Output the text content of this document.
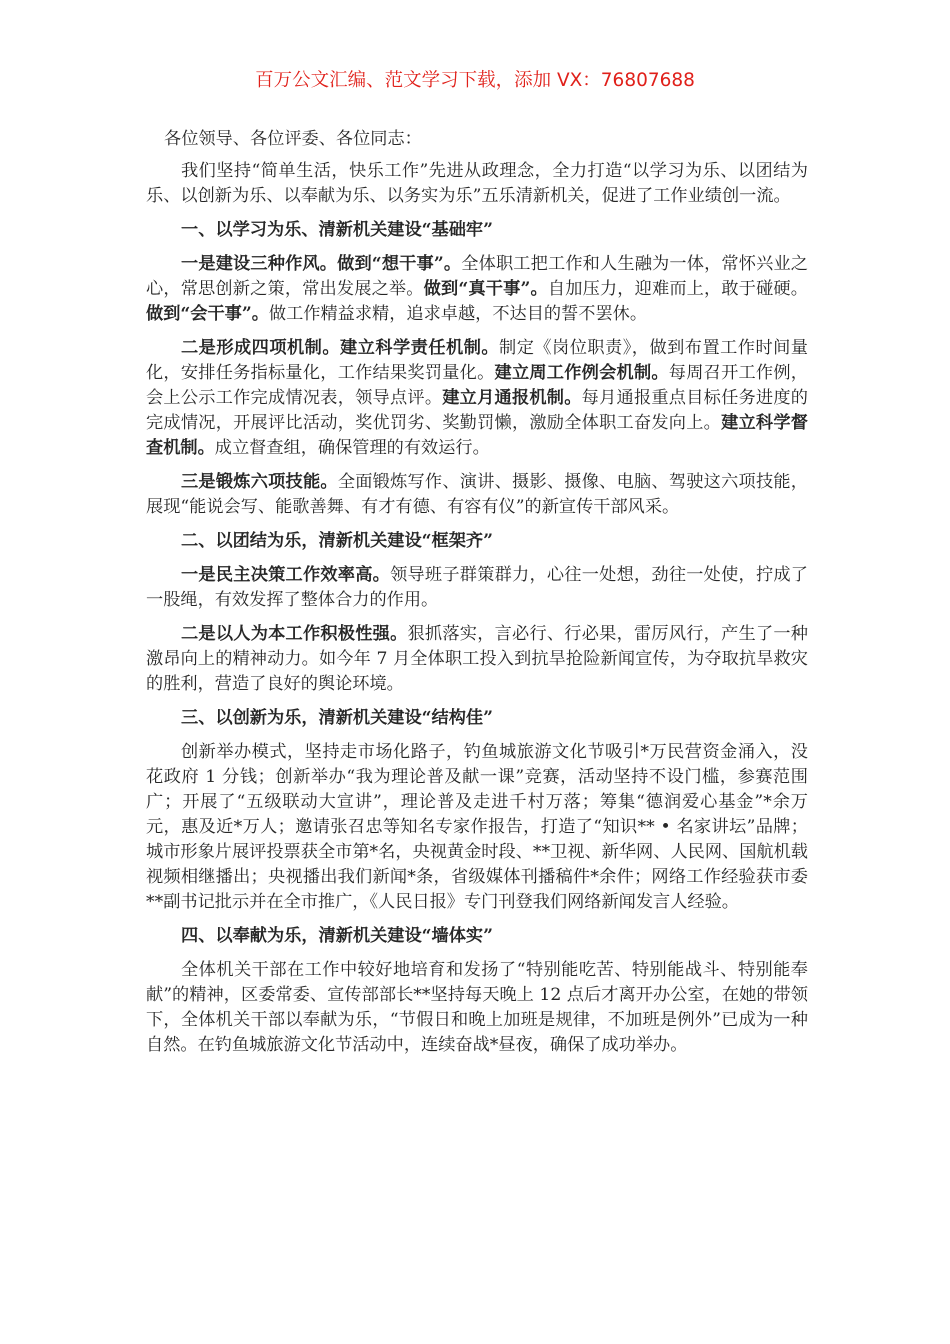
百万公文汇编、范文学习下载，添加 VX：76807688

各位领导、各位评委、各位同志：

我们坚持“简单生活，快乐工作”先进从政理念，全力打造“以学习为乐、以团结为乐、以创新为乐、以奉献为乐、以务实为乐”五乐清新机关，促进了工作业绩创一流。

一、以学习为乐、清新机关建设“基础牢”

一是建设三种作风。做到“想干事”。全体职工把工作和人生融为一体，常怀兴业之心，常思创新之策，常出发展之举。做到“真干事”。自加压力，迎难而上，敢于碰硬。做到“会干事”。做工作精益求精，追求卓越，不达目的誓不罢休。

二是形成四项机制。建立科学责任机制。制定《岗位职责》，做到布置工作时间量化，安排任务指标量化，工作结果奖罚量化。建立周工作例会机制。每周召开工作例，会上公示工作完成情况表，领导点评。建立月通报机制。每月通报重点目标任务进度的完成情况，开展评比活动，奖优罚劣、奖勤罚懒，激励全体职工奋发向上。建立科学督查机制。成立督查组，确保管理的有效运行。

三是锻炼六项技能。全面锻炼写作、演讲、摄影、摄像、电脑、驾驶这六项技能，展现“能说会写、能歌善舞、有才有德、有容有仪”的新宣传干部风采。

二、以团结为乐，清新机关建设“框架齐”

一是民主决策工作效率高。领导班子群策群力，心往一处想，劲往一处使，拧成了一股绳，有效发挥了整体合力的作用。

二是以人为本工作积极性强。狠抓落实，言必行、行必果，雷厉风行，产生了一种激昂向上的精神动力。如今年 7 月全体职工投入到抗旱抢险新闻宣传，为夺取抗旱救灾的胜利，营造了良好的舆论环境。

三、以创新为乐，清新机关建设“结构佳”

创新举办模式，坚持走市场化路子，钓鱼城旅游文化节吸引*万民营资金涌入，没花政府 1 分钱；创新举办“我为理论普及献一课”竞赛，活动坚持不设门槛，参赛范围广；开展了“五级联动大宣讲”，理论普及走进千村万落；筹集“德润爱心基金”*余万元，惠及近*万人；邀请张召忠等知名专家作报告，打造了“知识** • 名家讲坛”品牌；城市形象片展评投票获全市第*名，央视黄金时段、**卫视、新华网、人民网、国航机载视频相继播出；央视播出我们新闻*条，省级媒体刊播稿件*余件；网络工作经验获市委**副书记批示并在全市推广，《人民日报》专门刊登我们网络新闻发言人经验。

四、以奉献为乐，清新机关建设“墙体实”

全体机关干部在工作中较好地培育和发扬了“特别能吃苦、特别能战斗、特别能奉献”的精神，区委常委、宣传部部长**坚持每天晚上 12 点后才离开办公室，在她的带领下，全体机关干部以奉献为乐，“节假日和晚上加班是规律，不加班是例外”已成为一种自然。在钓鱼城旅游文化节活动中，连续奋战*昼夜，确保了成功举办。
